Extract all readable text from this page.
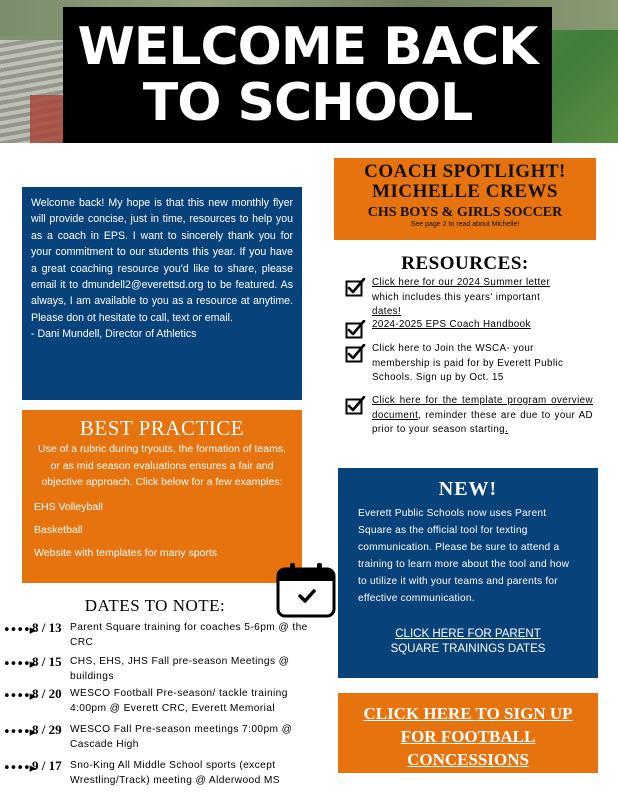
WELCOME BACK
TO SCHOOL

Welcome back! My hope is that this new monthly flyer will provide concise, just in time, resources to help you as a coach in EPS. I want to sincerely thank you for your commitment to our students this year. If you have a great coaching resource you'd like to share, please email it to dmundell2@everettsd.org to be featured. As always, I am available to you as a resource at anytime. Please don ot hesitate to call, text or email.

- Dani Mundell, Director of Athletics

BEST PRACTICE
Use of a rubric during tryouts, the formation of teams, or as mid season evaluations ensures a fair and objective approach. Click below for a few examples:
EHS Volleyball
Basketball
Website with templates for many sports
DATES TO NOTE:
••••▸
8 / 13 Parent Square training for coaches 5-6pm @ the CRC
••••▸
8 / 15 CHS, EHS, JHS Fall pre-season Meetings @ buildings
••••▸
8 / 20 WESCO Football Pre-season/ tackle training 4:00pm @ Everett CRC, Everett Memorial
••••▸
8 / 29 WESCO Fall Pre-season meetings 7:00pm @ Cascade High
••••▸
9 / 17 Sno-King All Middle School sports (except Wrestling/Track) meeting @ Alderwood MS
COACH SPOTLIGHT!
MICHELLE CREWS
CHS BOYS & GIRLS SOCCER
See page 2 to read about Michelle!
RESOURCES:
Click here for our 2024 Summer letter
which includes this years' important
dates!
2024-2025 EPS Coach Handbook
Click here to Join the WSCA- your membership is paid for by Everett Public Schools. Sign up by Oct. 15
Click here for the template program overview document, reminder these are due to your AD prior to your season starting.
NEW!
Everett Public Schools now uses Parent Square as the official tool for texting communication. Please be sure to attend a training to learn more about the tool and how to utilize it with your teams and parents for effective communication.
CLICK HERE FOR PARENT
SQUARE TRAININGS DATES
CLICK HERE TO SIGN UP
FOR FOOTBALL
CONCESSIONS
